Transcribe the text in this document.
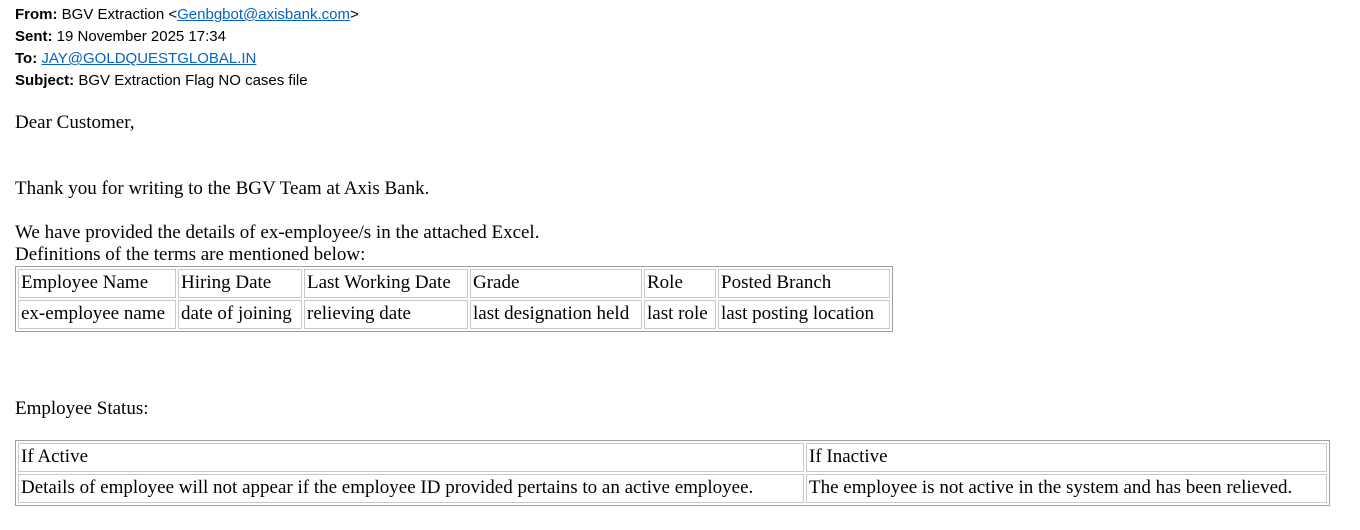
From: BGV Extraction <Genbgbot@axisbank.com>
Sent: 19 November 2025 17:34
To: JAY@GOLDQUESTGLOBAL.IN
Subject: BGV Extraction Flag NO cases file
Dear Customer,
Thank you for writing to the BGV Team at Axis Bank.
We have provided the details of ex-employee/s in the attached Excel.
Definitions of the terms are mentioned below:
Employee Name	Hiring Date	Last Working Date	Grade	Role	Posted Branch
ex-employee name	date of joining	relieving date	last designation held	last role	last posting location
Employee Status:
If Active	If Inactive
Details of employee will not appear if the employee ID provided pertains to an active employee.	The employee is not active in the system and has been relieved.
